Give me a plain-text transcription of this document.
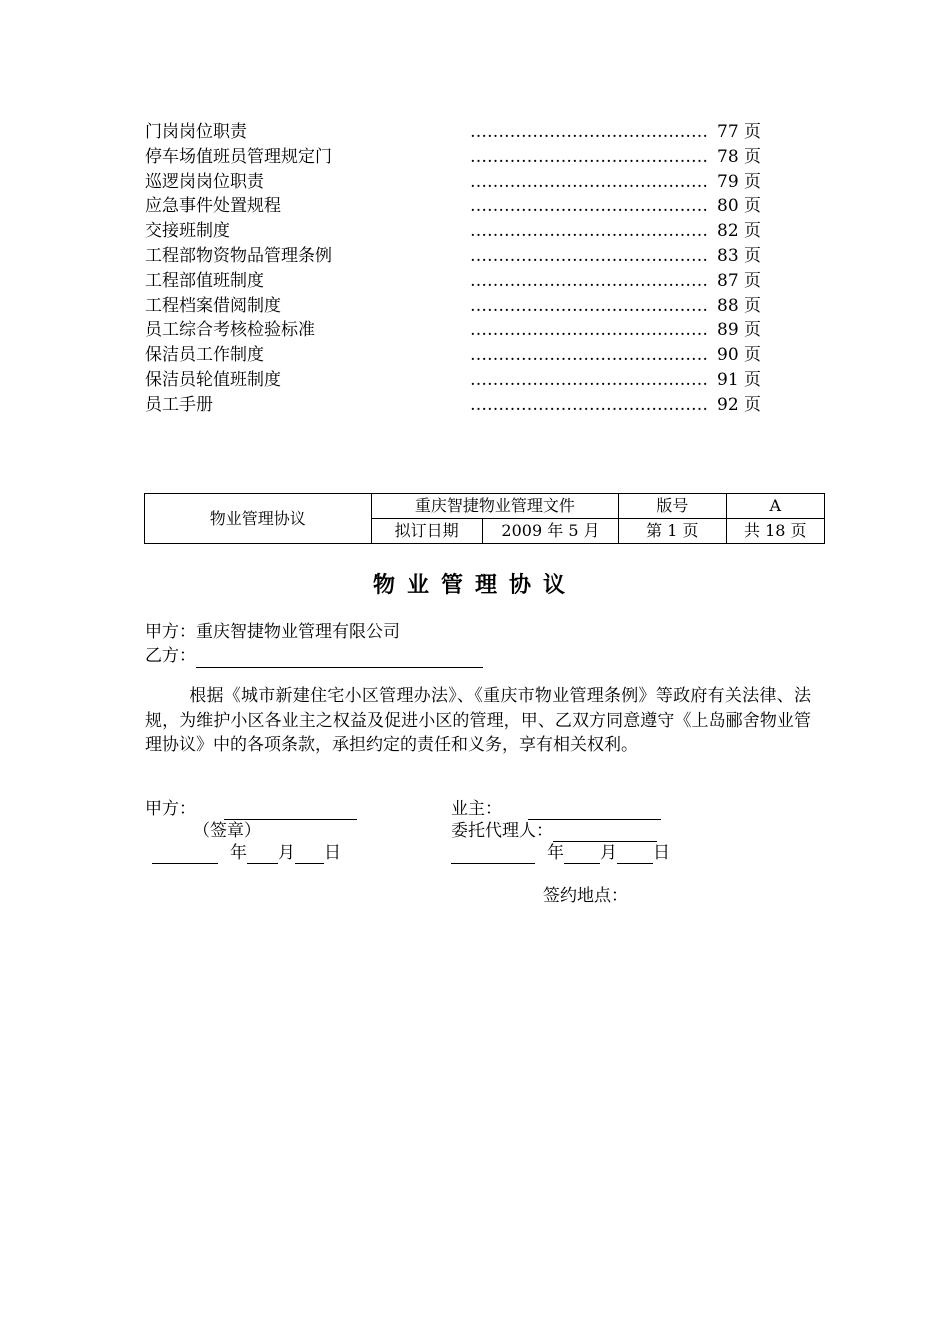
门岗岗位职责	…………………………………… 77 页
停车场值班员管理规定门	…………………………………… 78 页
巡逻岗岗位职责	…………………………………… 79 页
应急事件处置规程	…………………………………… 80 页
交接班制度	…………………………………… 82 页
工程部物资物品管理条例	…………………………………… 83 页
工程部值班制度	…………………………………… 87 页
工程档案借阅制度	…………………………………… 88 页
员工综合考核检验标准	…………………………………… 89 页
保洁员工作制度	…………………………………… 90 页
保洁员轮值班制度	…………………………………… 91 页
员工手册	…………………………………… 92 页
物业管理协议	重庆智捷物业管理文件		版号	A
	拟订日期	2009 年 5 月	第 1 页	共 18 页
物业管理协议
甲方：重庆智捷物业管理有限公司
乙方：
根据《城市新建住宅小区管理办法》、《重庆市物业管理条例》等政府有关法律、法规，为维护小区各业主之权益及促进小区的管理，甲、乙双方同意遵守《上岛郦舍物业管理协议》中的各项条款，承担约定的责任和义务，享有相关权利。
甲方：
（签章）
年 月 日
业主：
委托代理人：
年 月 日
签约地点：
